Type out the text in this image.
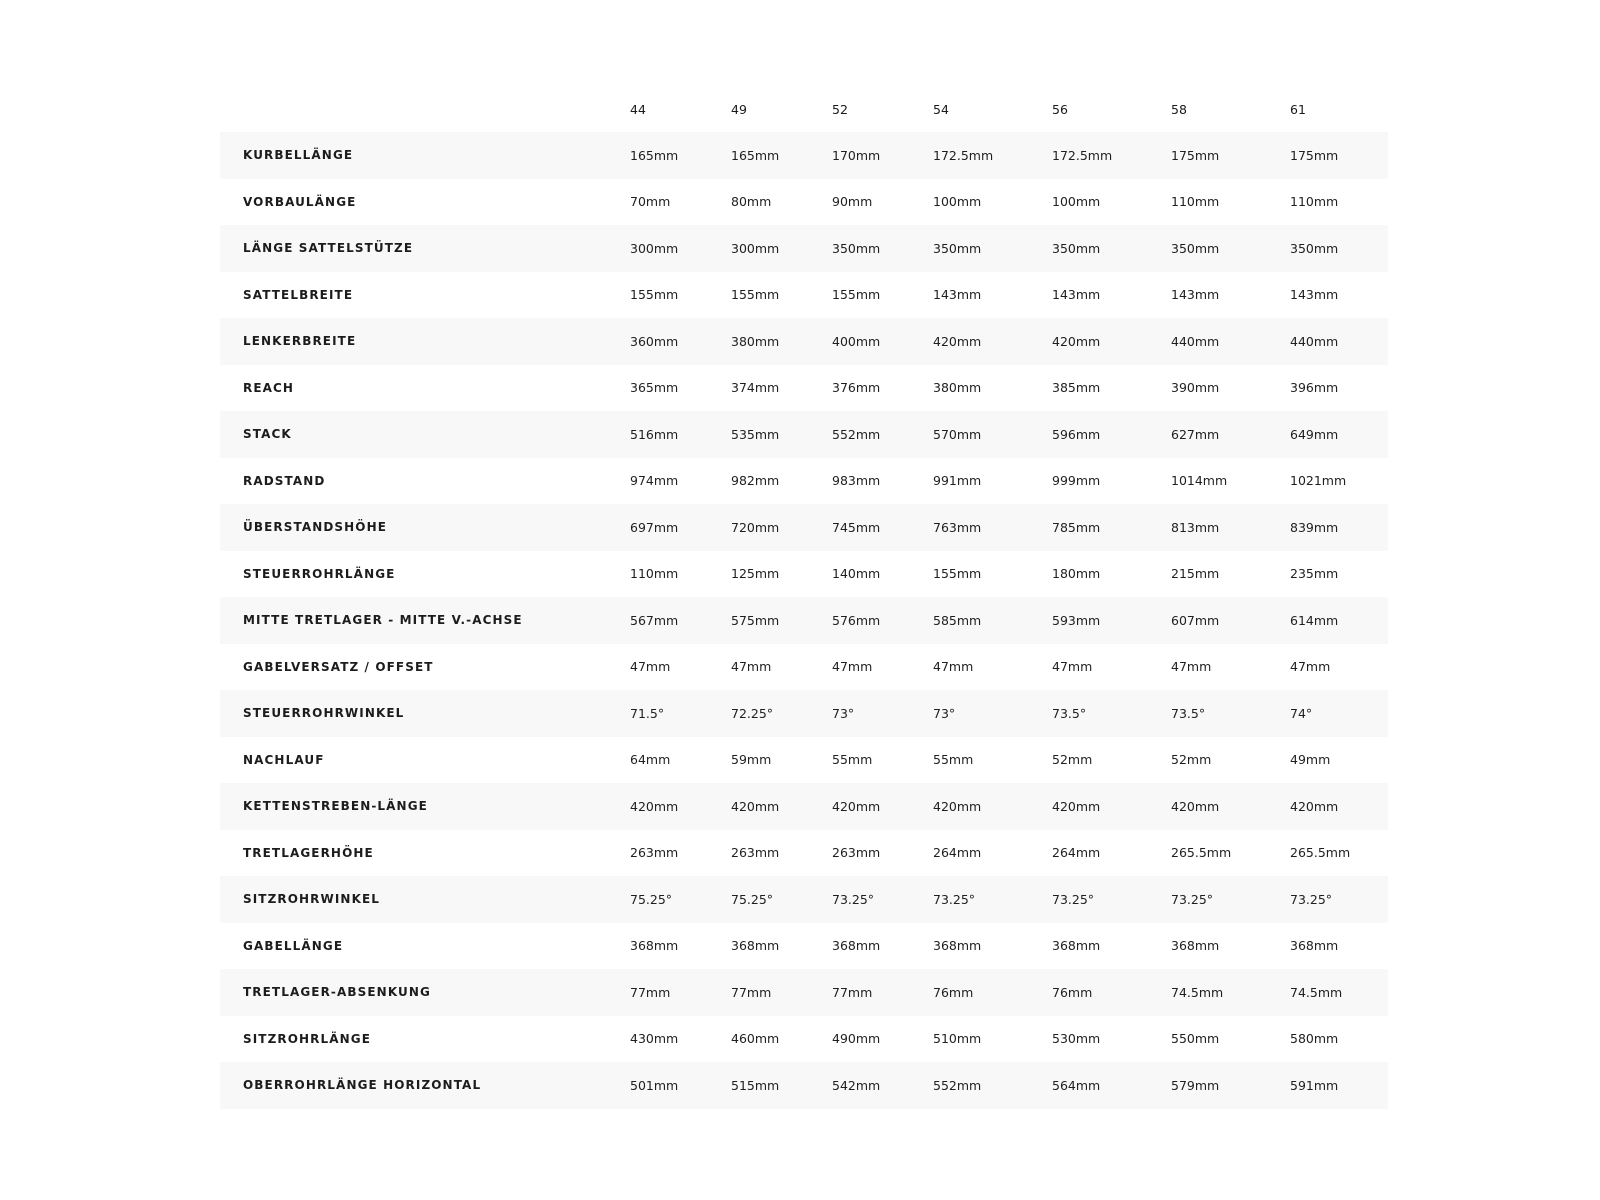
	44	49	52	54	56	58	61
KURBELLÄNGE	165mm	165mm	170mm	172.5mm	172.5mm	175mm	175mm
VORBAULÄNGE	70mm	80mm	90mm	100mm	100mm	110mm	110mm
LÄNGE SATTELSTÜTZE	300mm	300mm	350mm	350mm	350mm	350mm	350mm
SATTELBREITE	155mm	155mm	155mm	143mm	143mm	143mm	143mm
LENKERBREITE	360mm	380mm	400mm	420mm	420mm	440mm	440mm
REACH	365mm	374mm	376mm	380mm	385mm	390mm	396mm
STACK	516mm	535mm	552mm	570mm	596mm	627mm	649mm
RADSTAND	974mm	982mm	983mm	991mm	999mm	1014mm	1021mm
ÜBERSTANDSHÖHE	697mm	720mm	745mm	763mm	785mm	813mm	839mm
STEUERROHRLÄNGE	110mm	125mm	140mm	155mm	180mm	215mm	235mm
MITTE TRETLAGER - MITTE V.-ACHSE	567mm	575mm	576mm	585mm	593mm	607mm	614mm
GABELVERSATZ / OFFSET	47mm	47mm	47mm	47mm	47mm	47mm	47mm
STEUERROHRWINKEL	71.5°	72.25°	73°	73°	73.5°	73.5°	74°
NACHLAUF	64mm	59mm	55mm	55mm	52mm	52mm	49mm
KETTENSTREBEN-LÄNGE	420mm	420mm	420mm	420mm	420mm	420mm	420mm
TRETLAGERHÖHE	263mm	263mm	263mm	264mm	264mm	265.5mm	265.5mm
SITZROHRWINKEL	75.25°	75.25°	73.25°	73.25°	73.25°	73.25°	73.25°
GABELLÄNGE	368mm	368mm	368mm	368mm	368mm	368mm	368mm
TRETLAGER-ABSENKUNG	77mm	77mm	77mm	76mm	76mm	74.5mm	74.5mm
SITZROHRLÄNGE	430mm	460mm	490mm	510mm	530mm	550mm	580mm
OBERROHRLÄNGE HORIZONTAL	501mm	515mm	542mm	552mm	564mm	579mm	591mm
